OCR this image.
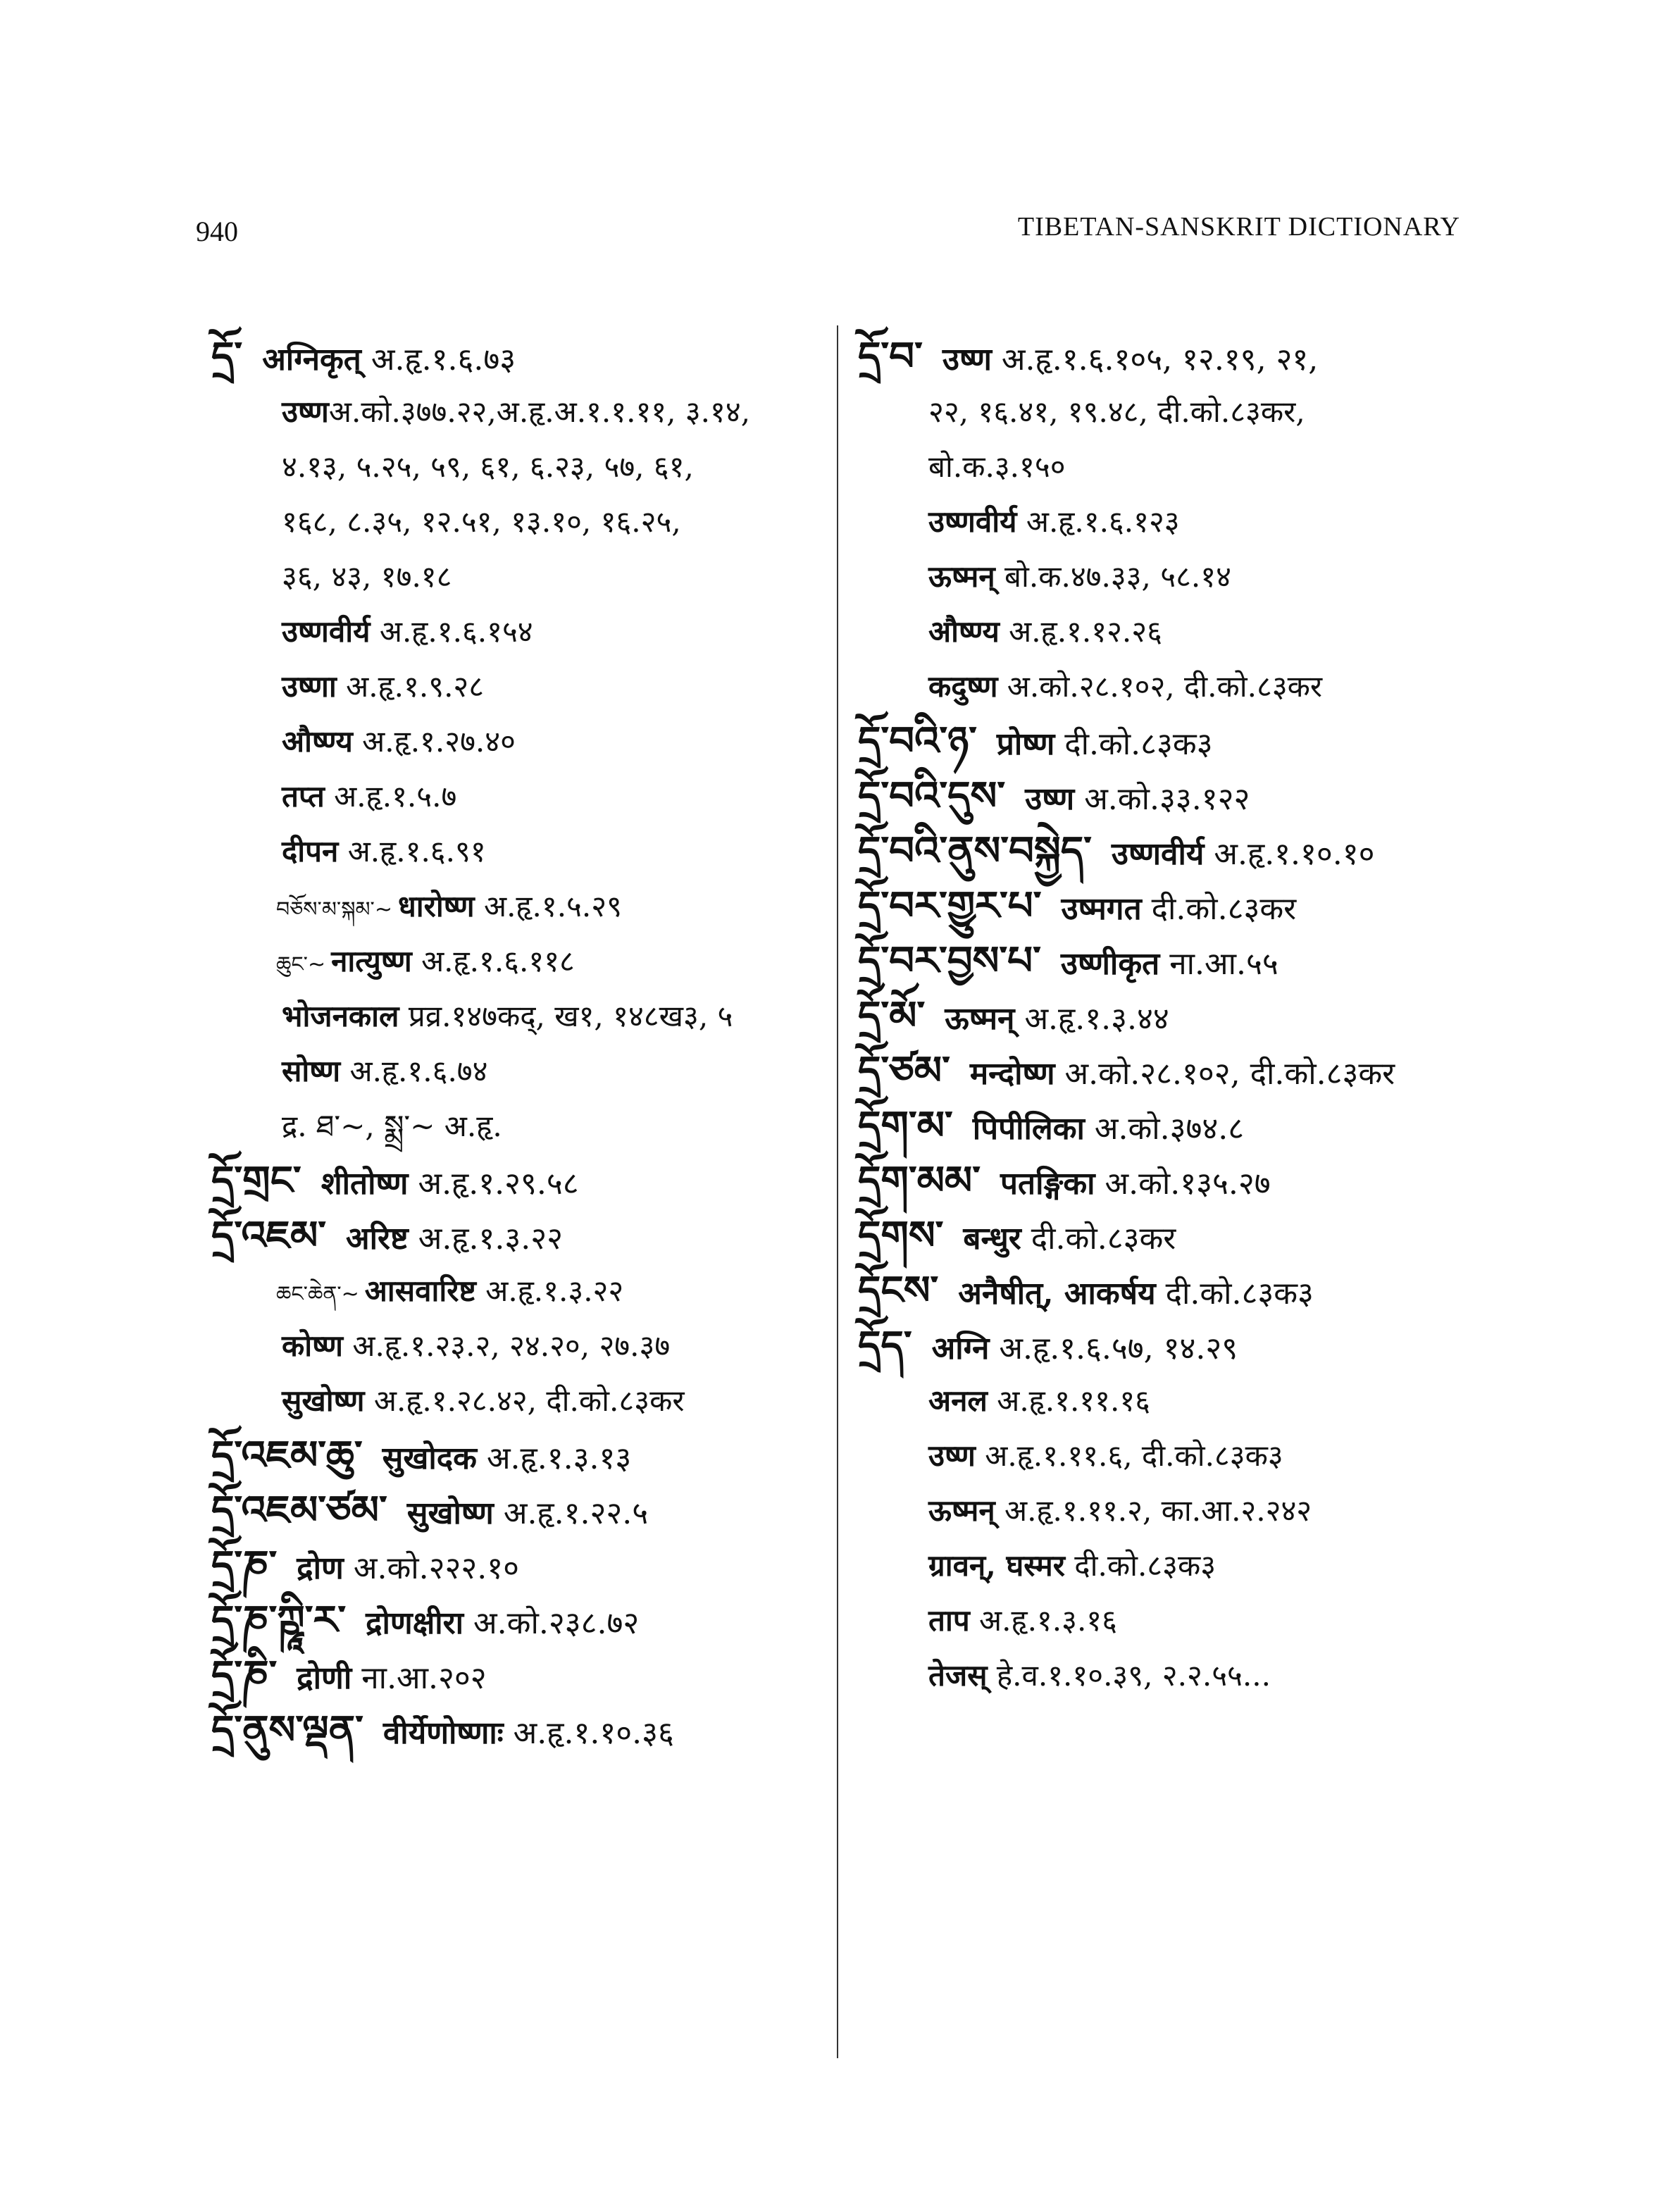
940	TIBETAN-SANSKRIT DICTIONARY
དྲོ་ अग्निकृत् अ.हृ.१.६.७३
उष्णअ.को.३७७.२२,अ.हृ.अ.१.१.११, ३.१४,
४.१३, ५.२५, ५९, ६१, ६.२३, ५७, ६१,
१६८, ८.३५, १२.५१, १३.१०, १६.२५,
३६, ४३, १७.१८
उष्णवीर्य अ.हृ.१.६.१५४
उष्णा अ.हृ.१.९.२८
औष्ण्य अ.हृ.१.२७.४०
तप्त अ.हृ.१.५.७
दीपन अ.हृ.१.६.९१
བཅོས་མ་སྐམ་~ धारोष्ण अ.हृ.१.५.२९
ཆུང་~ नात्युष्ण अ.हृ.१.६.११८
भोजनकाल प्रव्र.१४७कद्, ख१, १४८ख३, ५
सोष्ण अ.हृ.१.६.७४
द्र. ཐ་~, སྨྲ་~ अ.हृ.
དྲོ་གྲང་ शीतोष्ण अ.हृ.१.२९.५८
དྲོ་འཇམ་ अरिष्ट अ.हृ.१.३.२२
ཆང་ཆེན་~ आसवारिष्ट अ.हृ.१.३.२२
कोष्ण अ.हृ.१.२३.२, २४.२०, २७.३७
सुखोष्ण अ.हृ.१.२८.४२, दी.को.८३कर
དྲོ་འཇམ་ཆུ་ सुखोदक अ.हृ.१.३.१३
དྲོ་འཇམ་ཙམ་ सुखोष्ण अ.हृ.१.२२.५
དྲོ་ཎ་ द्रोण अ.को.२२२.१०
དྲོ་ཎ་ཀྵཱི་ར་ द्रोणक्षीरा अ.को.२३८.७२
དྲོ་ཎི་ द्रोणी ना.आ.२०२
དྲོ་ནུས་ལྡན་ वीर्येणोष्णाः अ.हृ.१.१०.३६
དྲོ་བ་ उष्ण अ.हृ.१.६.१०५, १२.१९, २१,
२२, १६.४१, १९.४८, दी.को.८३कर,
बो.क.३.१५०
उष्णवीर्य अ.हृ.१.६.१२३
ऊष्मन् बो.क.४७.३३, ५८.१४
औष्ण्य अ.हृ.१.१२.२६
कदुष्ण अ.को.२८.१०२, दी.को.८३कर
དྲོ་བའི་ཉ་ प्रोष्ण दी.को.८३क३
དྲོ་བའི་དུས་ उष्ण अ.को.३३.१२२
དྲོ་བའི་ནུས་བསྐྱེད་ उष्णवीर्य अ.हृ.१.१०.१०
དྲོ་བར་གྱུར་པ་ उष्मगत दी.को.८३कर
དྲོ་བར་བྱས་པ་ उष्णीकृत ना.आ.५५
དྲོ་མོ་ ऊष्मन् अ.हृ.१.३.४४
དྲོ་ཙམ་ मन्दोष्ण अ.को.२८.१०२, दी.को.८३कर
དྲོག་མ་ पिपीलिका अ.को.३७४.८
དྲོག་མམ་ पतङ्गिका अ.को.१३५.२७
དྲོགས་ बन्धुर दी.को.८३कर
དྲོངས་ अनैषीत्, आकर्षय दी.को.८३क३
དྲོད་ अग्नि अ.हृ.१.६.५७, १४.२९
अनल अ.हृ.१.११.१६
उष्ण अ.हृ.१.११.६, दी.को.८३क३
ऊष्मन् अ.हृ.१.११.२, का.आ.२.२४२
ग्रावन्, घस्मर दी.को.८३क३
ताप अ.हृ.१.३.१६
तेजस् हे.व.१.१०.३९, २.२.५५...
